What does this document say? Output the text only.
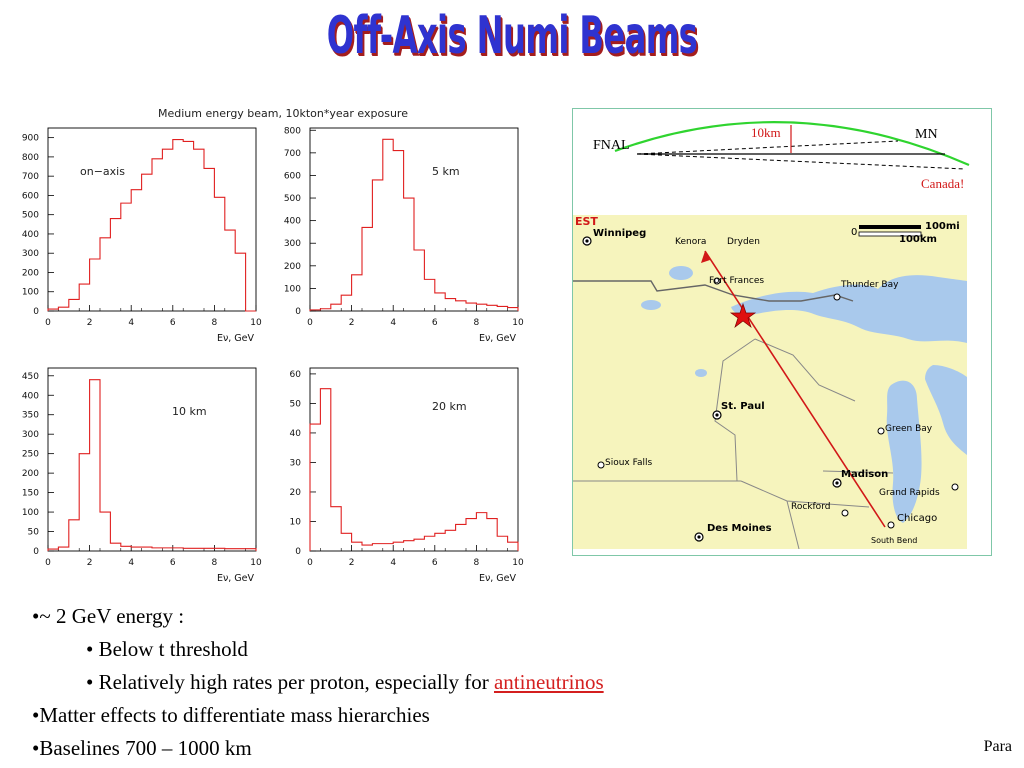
Off-Axis Numi Beams
Medium energy beam, 10kton*year exposure
0
100
200
300
400
500
600
700
800
900
0	2	4	6	8	10
on−axis
Eν, GeV
0
100
200
300
400
500
600
700
800
0	2	4	6	8	10
5 km
Eν, GeV
0
50
100
150
200
250
300
350
400
450
0	2	4	6	8	10
10 km
Eν, GeV
0
10
20
30
40
50
60
0	2	4	6	8	10
20 km
Eν, GeV
FNAL
MN
10km
Canada!
0
100mi
100km
EST
Winnipeg
Kenora Dryden
Fort Frances	Thunder Bay
St. Paul
Green Bay
Sioux Falls
Madison
Grand Rapids
Rockford
Chicago
Des Moines
South Bend
•~ 2 GeV energy :
• Below t threshold
• Relatively high rates per proton, especially for antineutrinos
•Matter effects to differentiate mass hierarchies
•Baselines 700 – 1000 km	Para
